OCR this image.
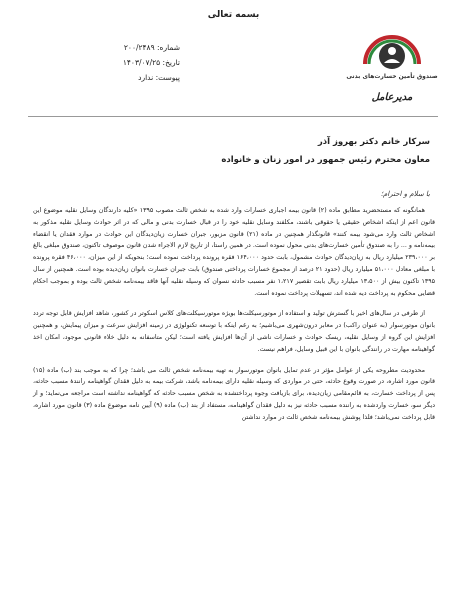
بسمه تعالی
شماره: ۲۰۰/۲۴۸۹
تاریخ: ۱۴۰۳/۰۷/۲۵
پیوست: ندارد	صندوق تأمین خسارت‌های بدنی
مدیرعامل
سرکار خانم دکتر بهروز آذر
معاون محترم رئیس جمهور در امور زنان و خانواده
با سلام و احترام؛

همانگونه که مستحضرید مطابق ماده (۲) قانون بیمه اجباری خسارات وارد شده به شخص ثالث مصوب ۱۳۹۵ «کلیه دارندگان وسایل نقلیه موضوع این قانون اعم از اینکه اشخاص حقیقی یا حقوقی باشند، مکلفند وسایل نقلیه خود را در قبال خسارت بدنی و مالی که در اثر حوادث وسایل نقلیه مذکور به اشخاص ثالث وارد می‌شود بیمه کنند» قانونگذار همچنین در ماده (۲۱) قانون مزبور، جبران خسارت زیان‌دیدگان این حوادث در موارد فقدان یا انقضاء بیمه‌نامه و ... را به صندوق تأمین خسارت‌های بدنی محول نموده است. در همین راستا، از تاریخ لازم الاجراء شدن قانون موصوف تاکنون، صندوق مبلغی بالغ بر ۲۳۹،۰۰۰ میلیارد ریال به زیان‌دیدگان حوادث مشمول، بابت حدود ۱۶۴،۰۰۰ فقره پرونده پرداخت نموده است؛ بنحویکه از این میزان، ۴۶،۰۰۰ فقره پرونده با مبلغی معادل ۵۱،۰۰۰ میلیارد ریال (حدود ۲۱ درصد از مجموع خسارات پرداختی صندوق) بابت جبران خسارت بانوان زیان‌دیده بوده است. همچنین از سال ۱۳۹۵ تاکنون بیش از ۱۳،۵۰۰ میلیارد ریال بابت تقصیر ۱،۲۱۷ نفر مسبب حادثه نسوان که وسیله نقلیه آنها فاقد بیمه‌نامه شخص ثالث بوده و بموجب احکام قضایی محکوم به پرداخت دیه شده اند، تسهیلات پرداخت نموده است.

از طرفی در سال‌های اخیر با گسترش تولید و استفاده از موتورسیکلت‌ها بویژه موتورسیکلت‌های کلاس اسکوتر در کشور، شاهد افزایش قابل توجه تردد بانوان موتورسوار (به عنوان راکب) در معابر درون‌شهری می‌باشیم؛ به رغم اینکه با توسعه تکنولوژی در زمینه افزایش سرعت و میزان پیمایش، و همچنین افزایش این گروه از وسایل نقلیه، ریسک حوادث و خسارات ناشی از آن‌ها افزایش یافته است؛ لیکن متاسفانه به دلیل خلاء قانونی موجود، امکان اخذ گواهینامه مهارت در رانندگی بانوان با این قبیل وسایل، فراهم نیست.

محدودیت مطروحه یکی از عوامل مؤثر در عدم تمایل بانوان موتورسوار به تهیه بیمه‌نامه شخص ثالث می باشد؛ چرا که به موجب بند (ب) ماده (۱۵) قانون مورد اشاره، در صورت وقوع حادثه، حتی در مواردی که وسیله نقلیه دارای بیمه‌نامه باشد، شرکت بیمه به دلیل فقدان گواهینامه رانندۀ مسبب حادثه، پس از پرداخت خسارت، به قائم‌مقامی زیان‌دیده، برای بازیافت وجوه پرداختشده به شخص مسبب حادثه که گواهینامه نداشته است مراجعه می‌نماید؛ و از دیگر سو، خسارت واردشده به راننده مسبب حادثه نیز به دلیل فقدان گواهینامه، مستفاد از بند (ب) ماده (۹) آیین نامه موضوع ماده (۳) قانون مورد اشاره، قابل پرداخت نمی‌باشد؛ فلذا پوشش بیمه‌نامه شخص ثالث در موارد نداشتن
